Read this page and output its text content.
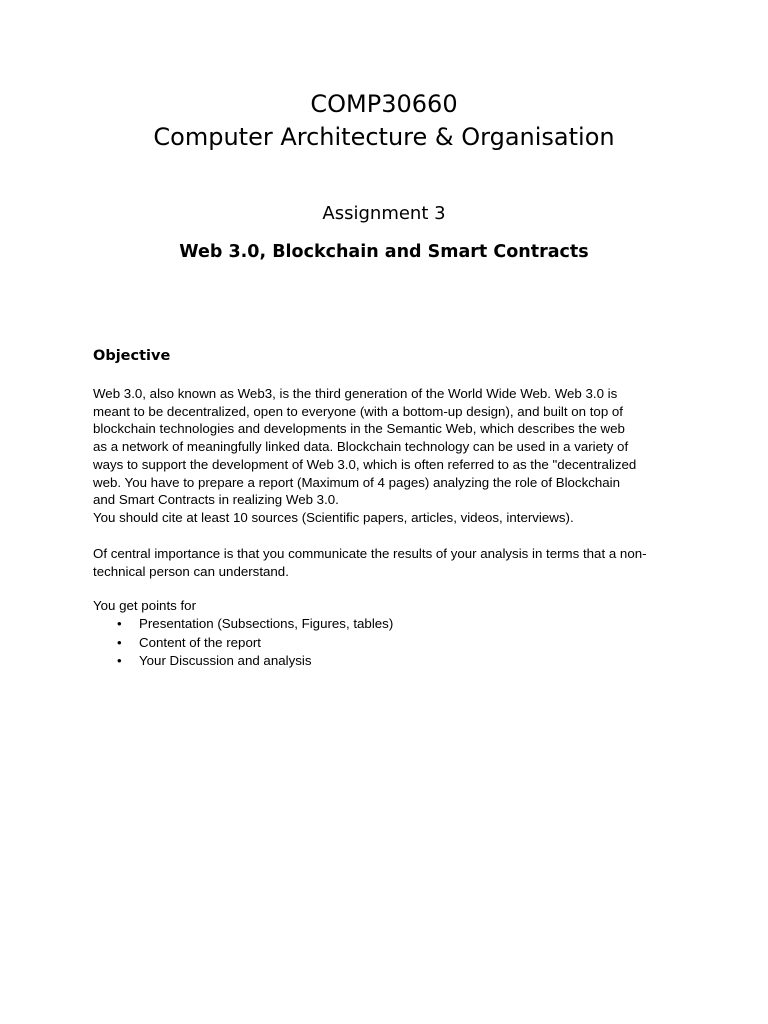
COMP30660
Computer Architecture & Organisation
Assignment 3
Web 3.0, Blockchain and Smart Contracts
Objective
Web 3.0, also known as Web3, is the third generation of the World Wide Web. Web 3.0 is
meant to be decentralized, open to everyone (with a bottom-up design), and built on top of
blockchain technologies and developments in the Semantic Web, which describes the web
as a network of meaningfully linked data. Blockchain technology can be used in a variety of
ways to support the development of Web 3.0, which is often referred to as the "decentralized
web. You have to prepare a report (Maximum of 4 pages) analyzing the role of Blockchain
and Smart Contracts in realizing Web 3.0.
You should cite at least 10 sources (Scientific papers, articles, videos, interviews).
Of central importance is that you communicate the results of your analysis in terms that a non-
technical person can understand.
You get points for
• Presentation (Subsections, Figures, tables)
• Content of the report
• Your Discussion and analysis
